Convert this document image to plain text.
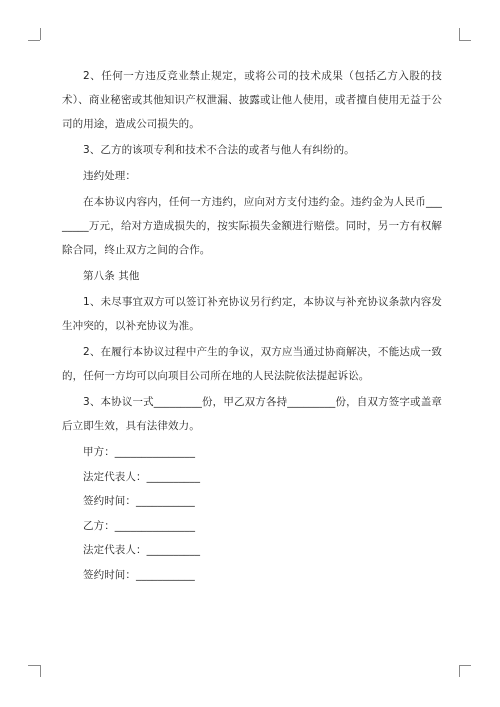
2、任何一方违反竞业禁止规定，或将公司的技术成果（包括乙方入股的技术）、商业秘密或其他知识产权泄漏、披露或让他人使用，或者擅自使用无益于公司的用途，造成公司损失的。

3、乙方的该项专利和技术不合法的或者与他人有纠纷的。

违约处理：

在本协议内容内，任何一方违约，应向对方支付违约金。违约金为人民币________万元，给对方造成损失的，按实际损失金额进行赔偿。同时，另一方有权解除合同，终止双方之间的合作。

第八条 其他

1、未尽事宜双方可以签订补充协议另行约定，本协议与补充协议条款内容发生冲突的，以补充协议为准。

2、在履行本协议过程中产生的争议，双方应当通过协商解决，不能达成一致的，任何一方均可以向项目公司所在地的人民法院依法提起诉讼。

3、本协议一式_________份，甲乙双方各持_________份，自双方签字或盖章后立即生效，具有法律效力。

甲方：_______________

法定代表人：__________

签约时间：___________

乙方：_______________

法定代表人：__________

签约时间：___________
